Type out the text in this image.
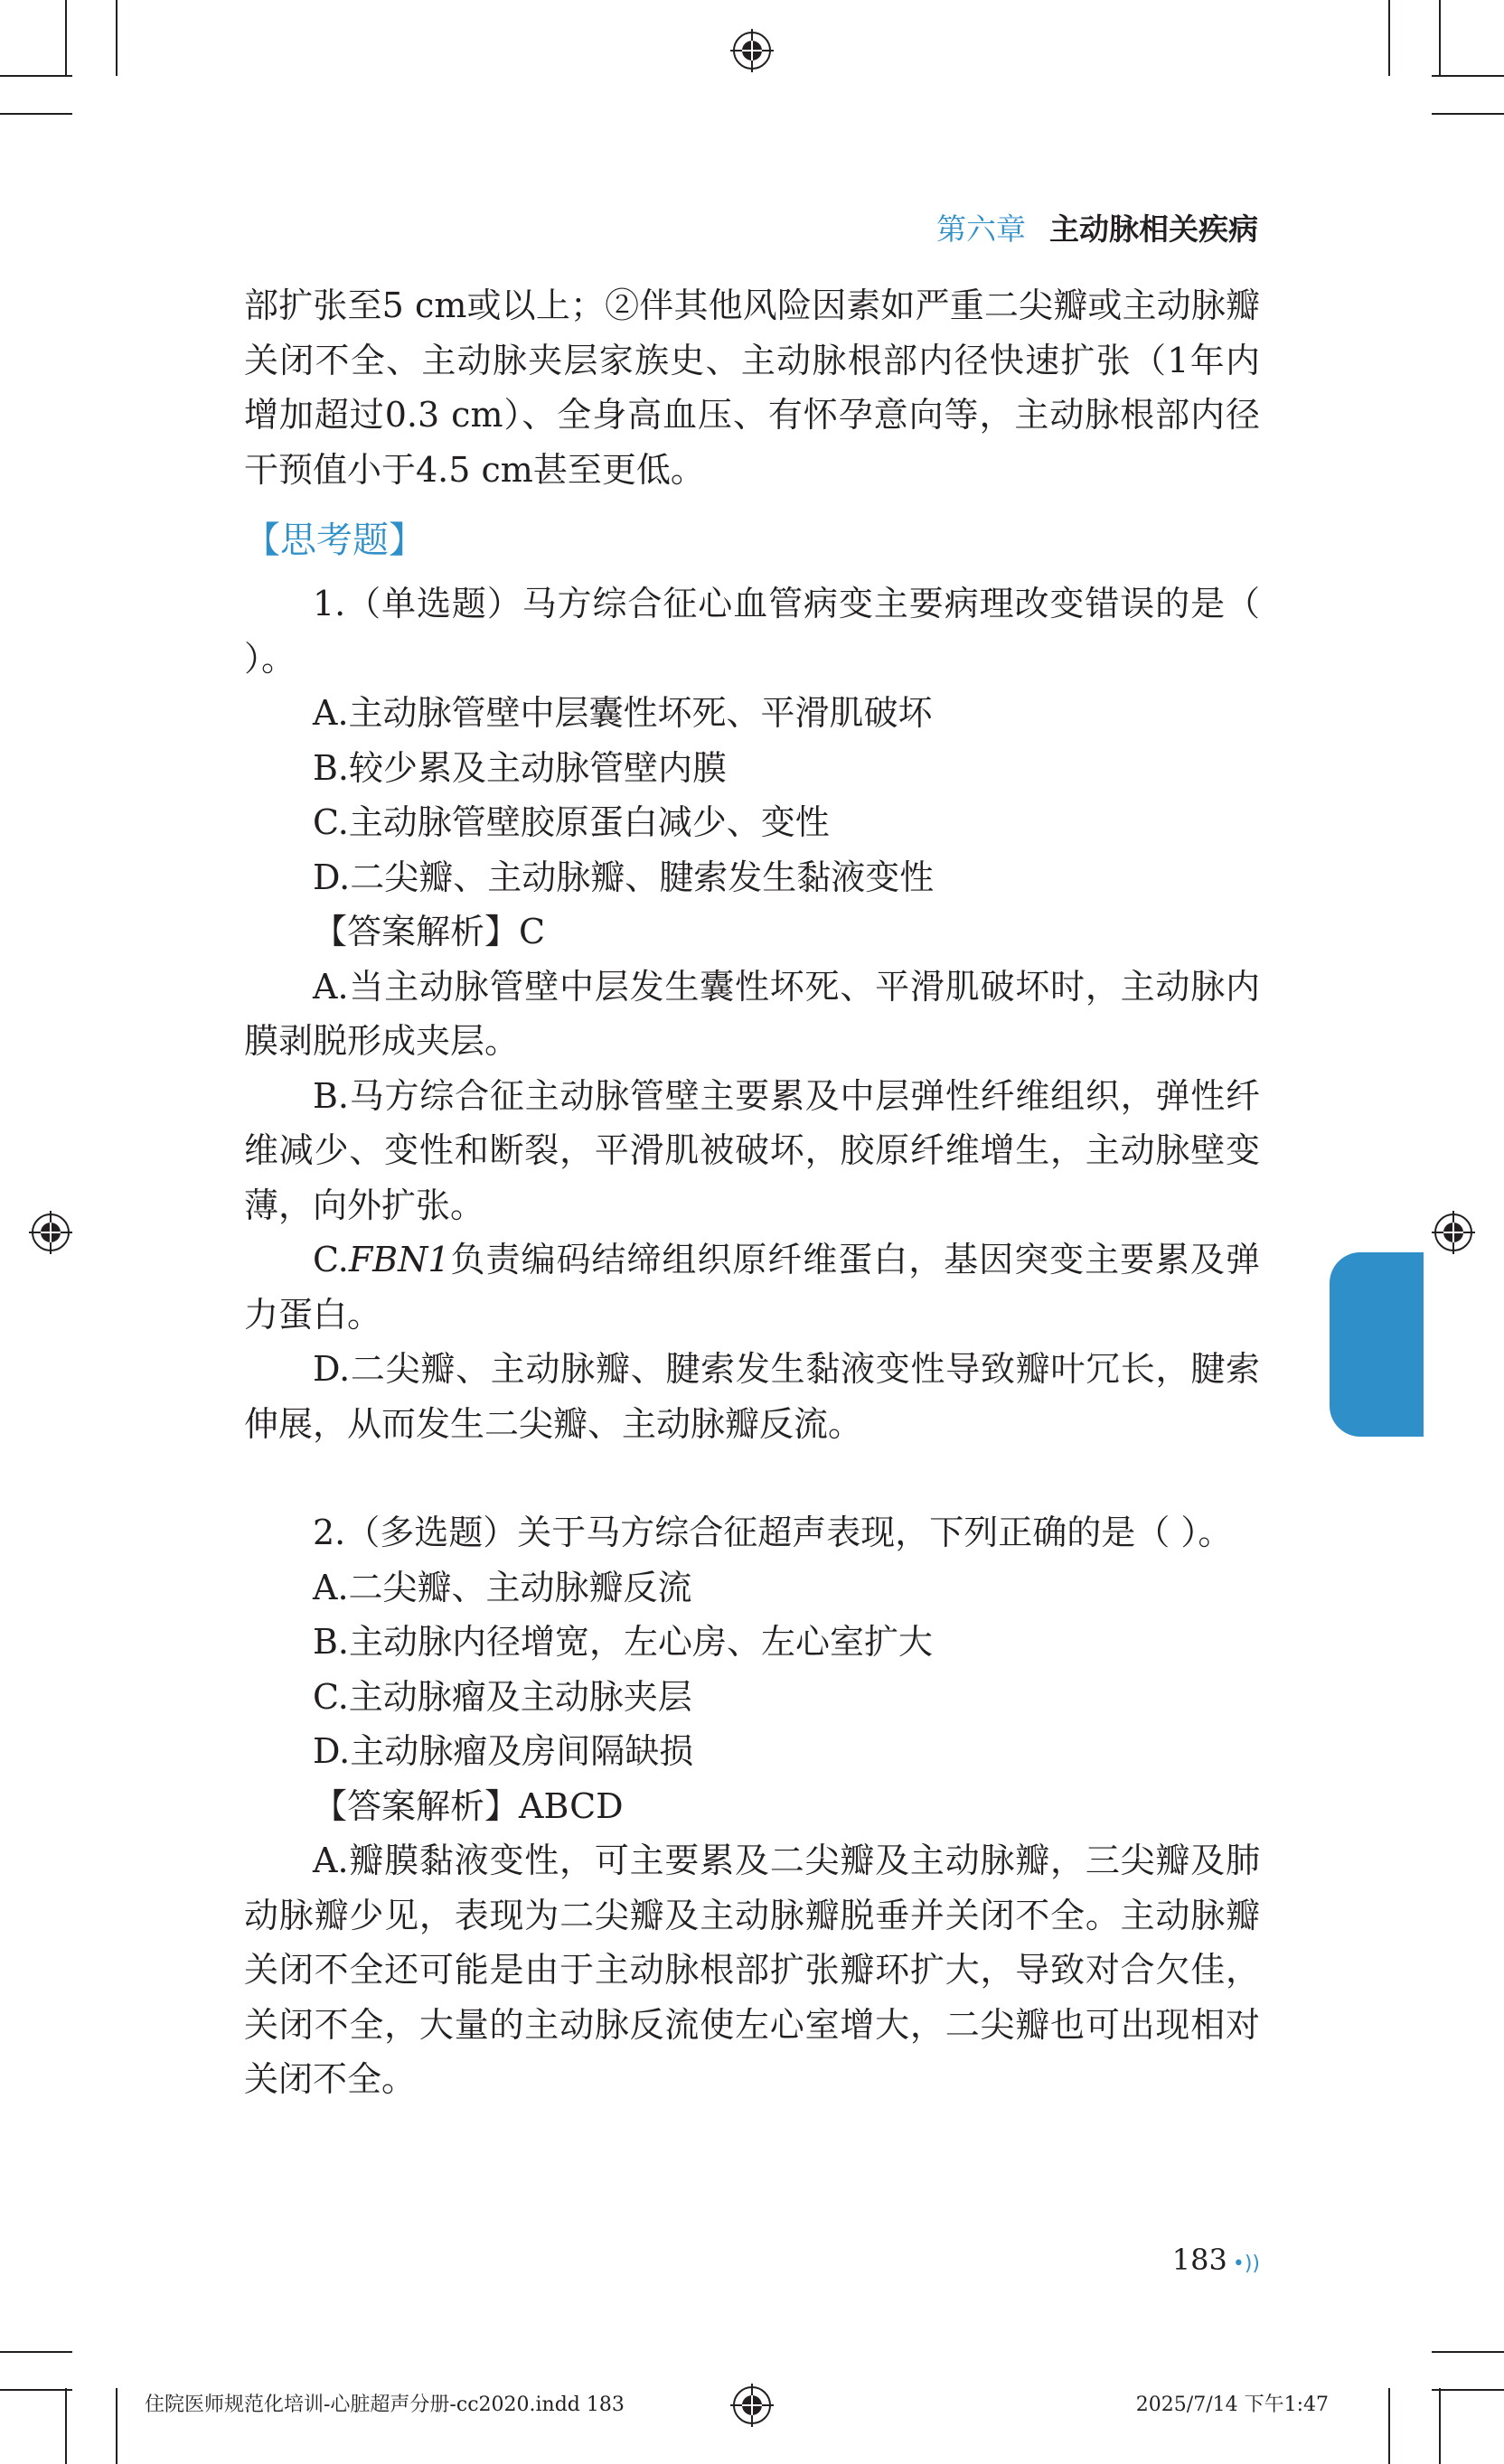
第六章 主动脉相关疾病

部扩张至5 cm或以上；②伴其他风险因素如严重二尖瓣或主动脉瓣关闭不全、主动脉夹层家族史、主动脉根部内径快速扩张（1年内增加超过0.3 cm）、全身高血压、有怀孕意向等，主动脉根部内径干预值小于4.5 cm甚至更低。

【思考题】

1.（单选题）马方综合征心血管病变主要病理改变错误的是（ ）。

A.主动脉管壁中层囊性坏死、平滑肌破坏

B.较少累及主动脉管壁内膜

C.主动脉管壁胶原蛋白减少、变性

D.二尖瓣、主动脉瓣、腱索发生黏液变性

【答案解析】C

A.当主动脉管壁中层发生囊性坏死、平滑肌破坏时，主动脉内膜剥脱形成夹层。

B.马方综合征主动脉管壁主要累及中层弹性纤维组织，弹性纤维减少、变性和断裂，平滑肌被破坏，胶原纤维增生，主动脉壁变薄，向外扩张。

C.FBN1负责编码结缔组织原纤维蛋白，基因突变主要累及弹力蛋白。

D.二尖瓣、主动脉瓣、腱索发生黏液变性导致瓣叶冗长，腱索伸展，从而发生二尖瓣、主动脉瓣反流。

2.（多选题）关于马方综合征超声表现，下列正确的是（ ）。

A.二尖瓣、主动脉瓣反流

B.主动脉内径增宽，左心房、左心室扩大

C.主动脉瘤及主动脉夹层

D.主动脉瘤及房间隔缺损

【答案解析】ABCD

A.瓣膜黏液变性，可主要累及二尖瓣及主动脉瓣，三尖瓣及肺动脉瓣少见，表现为二尖瓣及主动脉瓣脱垂并关闭不全。主动脉瓣关闭不全还可能是由于主动脉根部扩张瓣环扩大，导致对合欠佳，关闭不全，大量的主动脉反流使左心室增大，二尖瓣也可出现相对关闭不全。

183 •))
住院医师规范化培训-心脏超声分册-cc2020.indd 183	2025/7/14 下午1:47
